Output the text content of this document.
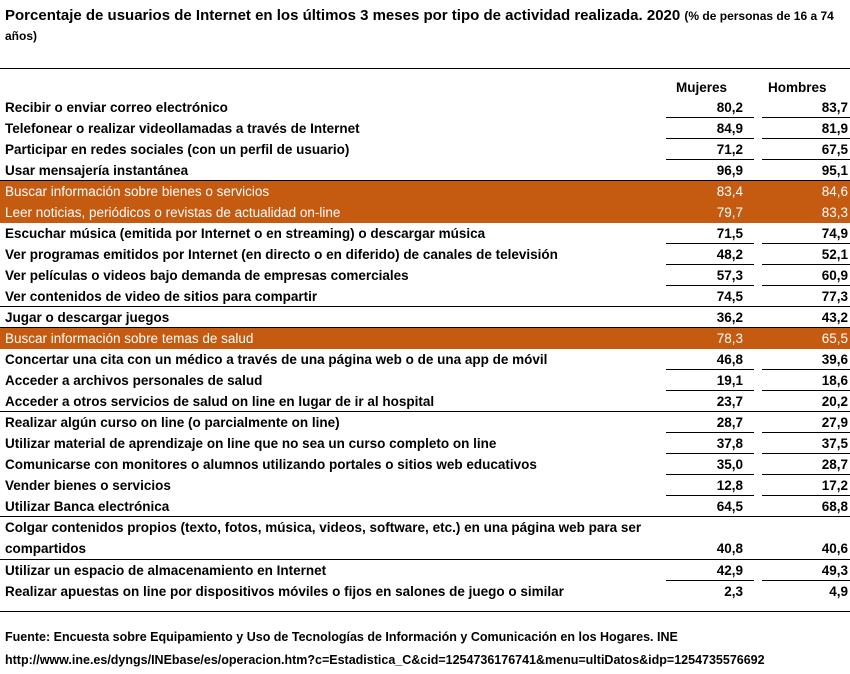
Porcentaje de usuarios de Internet en los últimos 3 meses por tipo de actividad realizada. 2020 (% de personas de 16 a 74 años)
Mujeres	Hombres
Recibir o enviar correo electrónico	80,2	83,7
Telefonear o realizar videollamadas a través de Internet	84,9	81,9
Participar en redes sociales (con un perfil de usuario)	71,2	67,5
Usar mensajería instantánea	96,9	95,1
Buscar información sobre bienes o servicios	83,4	84,6
Leer noticias, periódicos o revistas de actualidad on-line	79,7	83,3
Escuchar música (emitida por Internet o en streaming) o descargar música	71,5	74,9
Ver programas emitidos por Internet (en directo o en diferido) de canales de televisión	48,2	52,1
Ver películas o videos bajo demanda de empresas comerciales	57,3	60,9
Ver contenidos de video de sitios para compartir	74,5	77,3
Jugar o descargar juegos	36,2	43,2
Buscar información sobre temas de salud	78,3	65,5
Concertar una cita con un médico a través de una página web o de una app de móvil	46,8	39,6
Acceder a archivos personales de salud	19,1	18,6
Acceder a otros servicios de salud on line en lugar de ir al hospital	23,7	20,2
Realizar algún curso on line (o parcialmente on line)	28,7	27,9
Utilizar material de aprendizaje on line que no sea un curso completo on line	37,8	37,5
Comunicarse con monitores o alumnos utilizando portales o sitios web educativos	35,0	28,7
Vender bienes o servicios	12,8	17,2
Utilizar Banca electrónica	64,5	68,8
Colgar contenidos propios (texto, fotos, música, videos, software, etc.) en una página web para ser compartidos	40,8	40,6
Utilizar un espacio de almacenamiento en Internet	42,9	49,3
Realizar apuestas on line por dispositivos móviles o fijos en salones de juego o similar	2,3	4,9
Fuente: Encuesta sobre Equipamiento y Uso de Tecnologías de Información y Comunicación en los Hogares. INE
http://www.ine.es/dyngs/INEbase/es/operacion.htm?c=Estadistica_C&cid=1254736176741&menu=ultiDatos&idp=1254735576692
